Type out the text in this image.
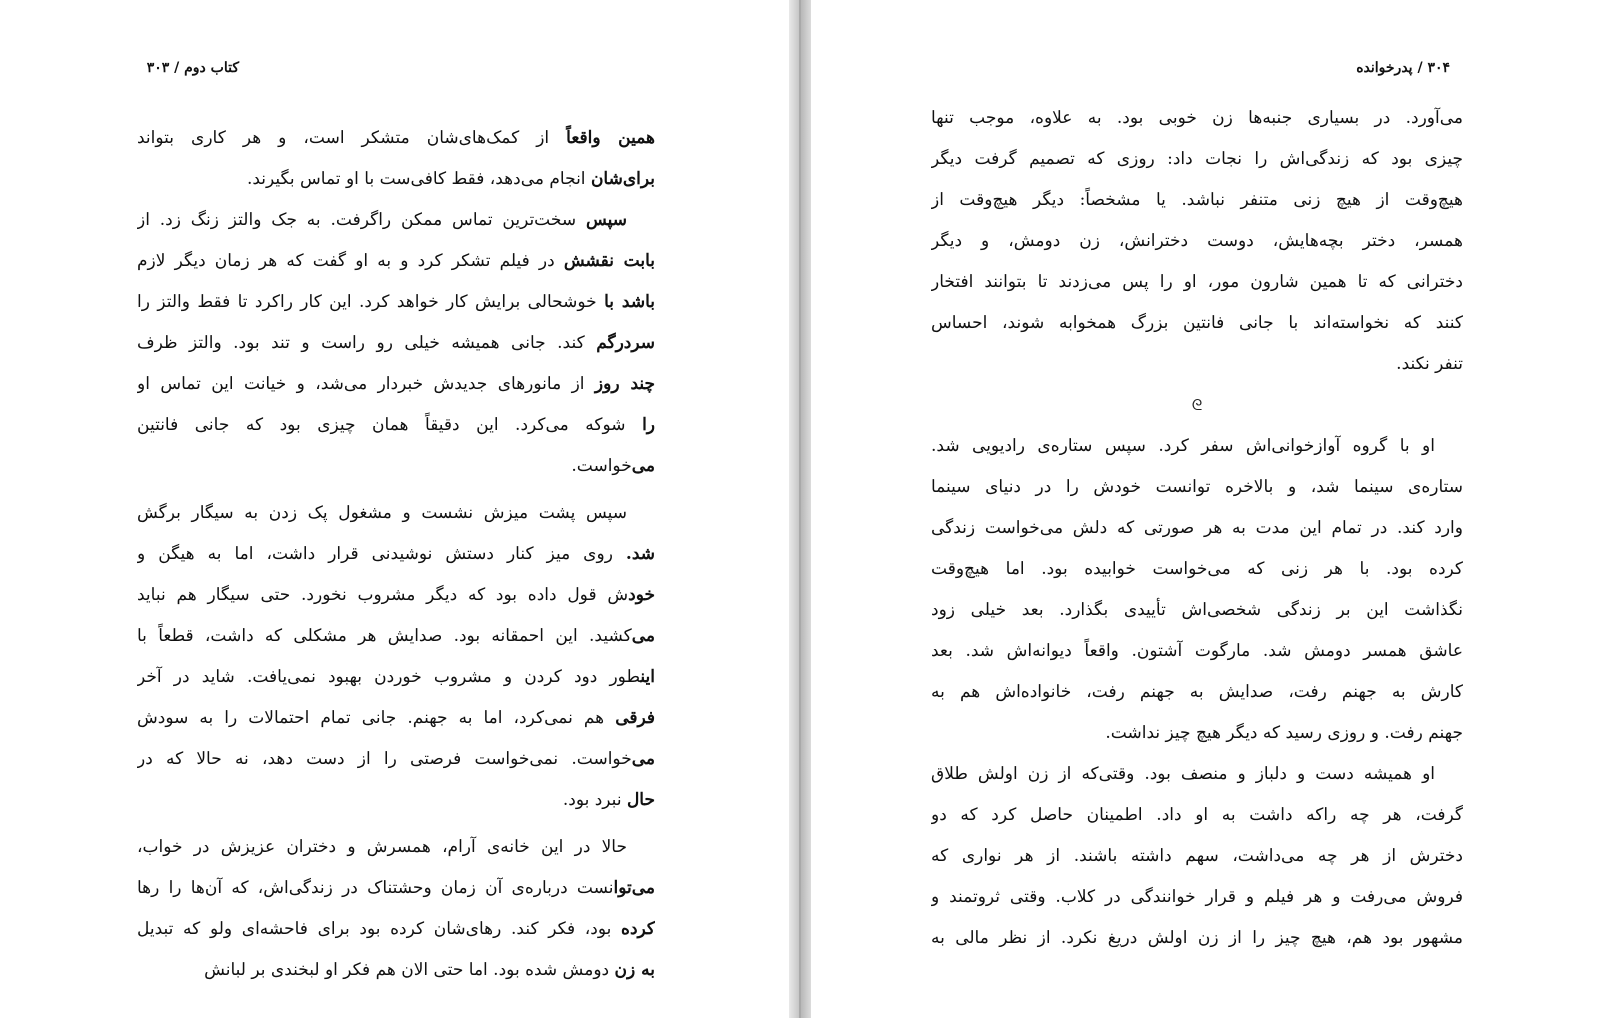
کتاب دوم / ۳۰۳
همین واقعاً از کمک‌های‌شان متشکر است، و هر کاری بتواند
برای‌شان انجام می‌دهد، فقط کافی‌ست با او تماس بگیرند.
سپس سخت‌ترین تماس ممکن راگرفت. به جک والتز زنگ زد. از
بابت نقشش در فیلم تشکر کرد و به او گفت که هر زمان دیگر لازم
باشد با خوشحالی برایش کار خواهد کرد. این کار راکرد تا فقط والتز را
سردرگم کند. جانی همیشه خیلی رو راست و تند بود. والتز ظرف
چند روز از مانورهای جدیدش خبردار می‌شد، و خیانت این تماس او
را شوکه می‌کرد. این دقیقاً همان چیزی بود که جانی فانتین
می‌خواست.
سپس پشت میزش نشست و مشغول پک زدن به سیگار برگش
شد. روی میز کنار دستش نوشیدنی قرار داشت، اما به هیگن و
خودش قول داده بود که دیگر مشروب نخورد. حتی سیگار هم نباید
می‌کشید. این احمقانه بود. صدایش هر مشکلی که داشت، قطعاً با
اینطور دود کردن و مشروب خوردن بهبود نمی‌یافت. شاید در آخر
فرقی هم نمی‌کرد، اما به جهنم. جانی تمام احتمالات را به سودش
می‌خواست. نمی‌خواست فرصتی را از دست دهد، نه حالا که در
حال نبرد بود.
حالا در این خانه‌ی آرام، همسرش و دختران عزیزش در خواب،
می‌توانست درباره‌ی آن زمان وحشتناک در زندگی‌اش، که آن‌ها را رها
کرده بود، فکر کند. رهای‌شان کرده بود برای فاحشه‌ای ولو که تبدیل
به زن دومش شده بود. اما حتی الان هم فکر او لبخندی بر لبانش
۳۰۴ / پدرخوانده
می‌آورد. در بسیاری جنبه‌ها زن خوبی بود. به علاوه، موجب تنها
چیزی بود که زندگی‌اش را نجات داد: روزی که تصمیم گرفت دیگر
هیچ‌وقت از هیچ زنی متنفر نباشد. یا مشخصاً: دیگر هیچ‌وقت از
همسر، دختر بچه‌هایش، دوست دخترانش، زن دومش، و دیگر
دخترانی که تا همین شارون مور، او را پس می‌زدند تا بتوانند افتخار
کنند که نخواسته‌اند با جانی فانتین بزرگ همخوابه شوند، احساس
تنفر نکند.
ᘓ
او با گروه آوازخوانی‌اش سفر کرد. سپس ستاره‌ی رادیویی شد.
ستاره‌ی سینما شد، و بالاخره توانست خودش را در دنیای سینما
وارد کند. در تمام این مدت به هر صورتی که دلش می‌خواست زندگی
کرده بود. با هر زنی که می‌خواست خوابیده بود. اما هیچ‌وقت
نگذاشت این بر زندگی شخصی‌اش تأییدی بگذارد. بعد خیلی زود
عاشق همسر دومش شد. مارگوت آشتون. واقعاً دیوانه‌اش شد. بعد
کارش به جهنم رفت، صدایش به جهنم رفت، خانواده‌اش هم به
جهنم رفت. و روزی رسید که دیگر هیچ چیز نداشت.
او همیشه دست و دلباز و منصف بود. وقتی‌که از زن اولش طلاق
گرفت، هر چه راکه داشت به او داد. اطمینان حاصل کرد که دو
دخترش از هر چه می‌داشت، سهم داشته باشند. از هر نواری که
فروش می‌رفت و هر فیلم و قرار خوانندگی در کلاب. وقتی ثروتمند و
مشهور بود هم، هیچ چیز را از زن اولش دریغ نکرد. از نظر مالی به
